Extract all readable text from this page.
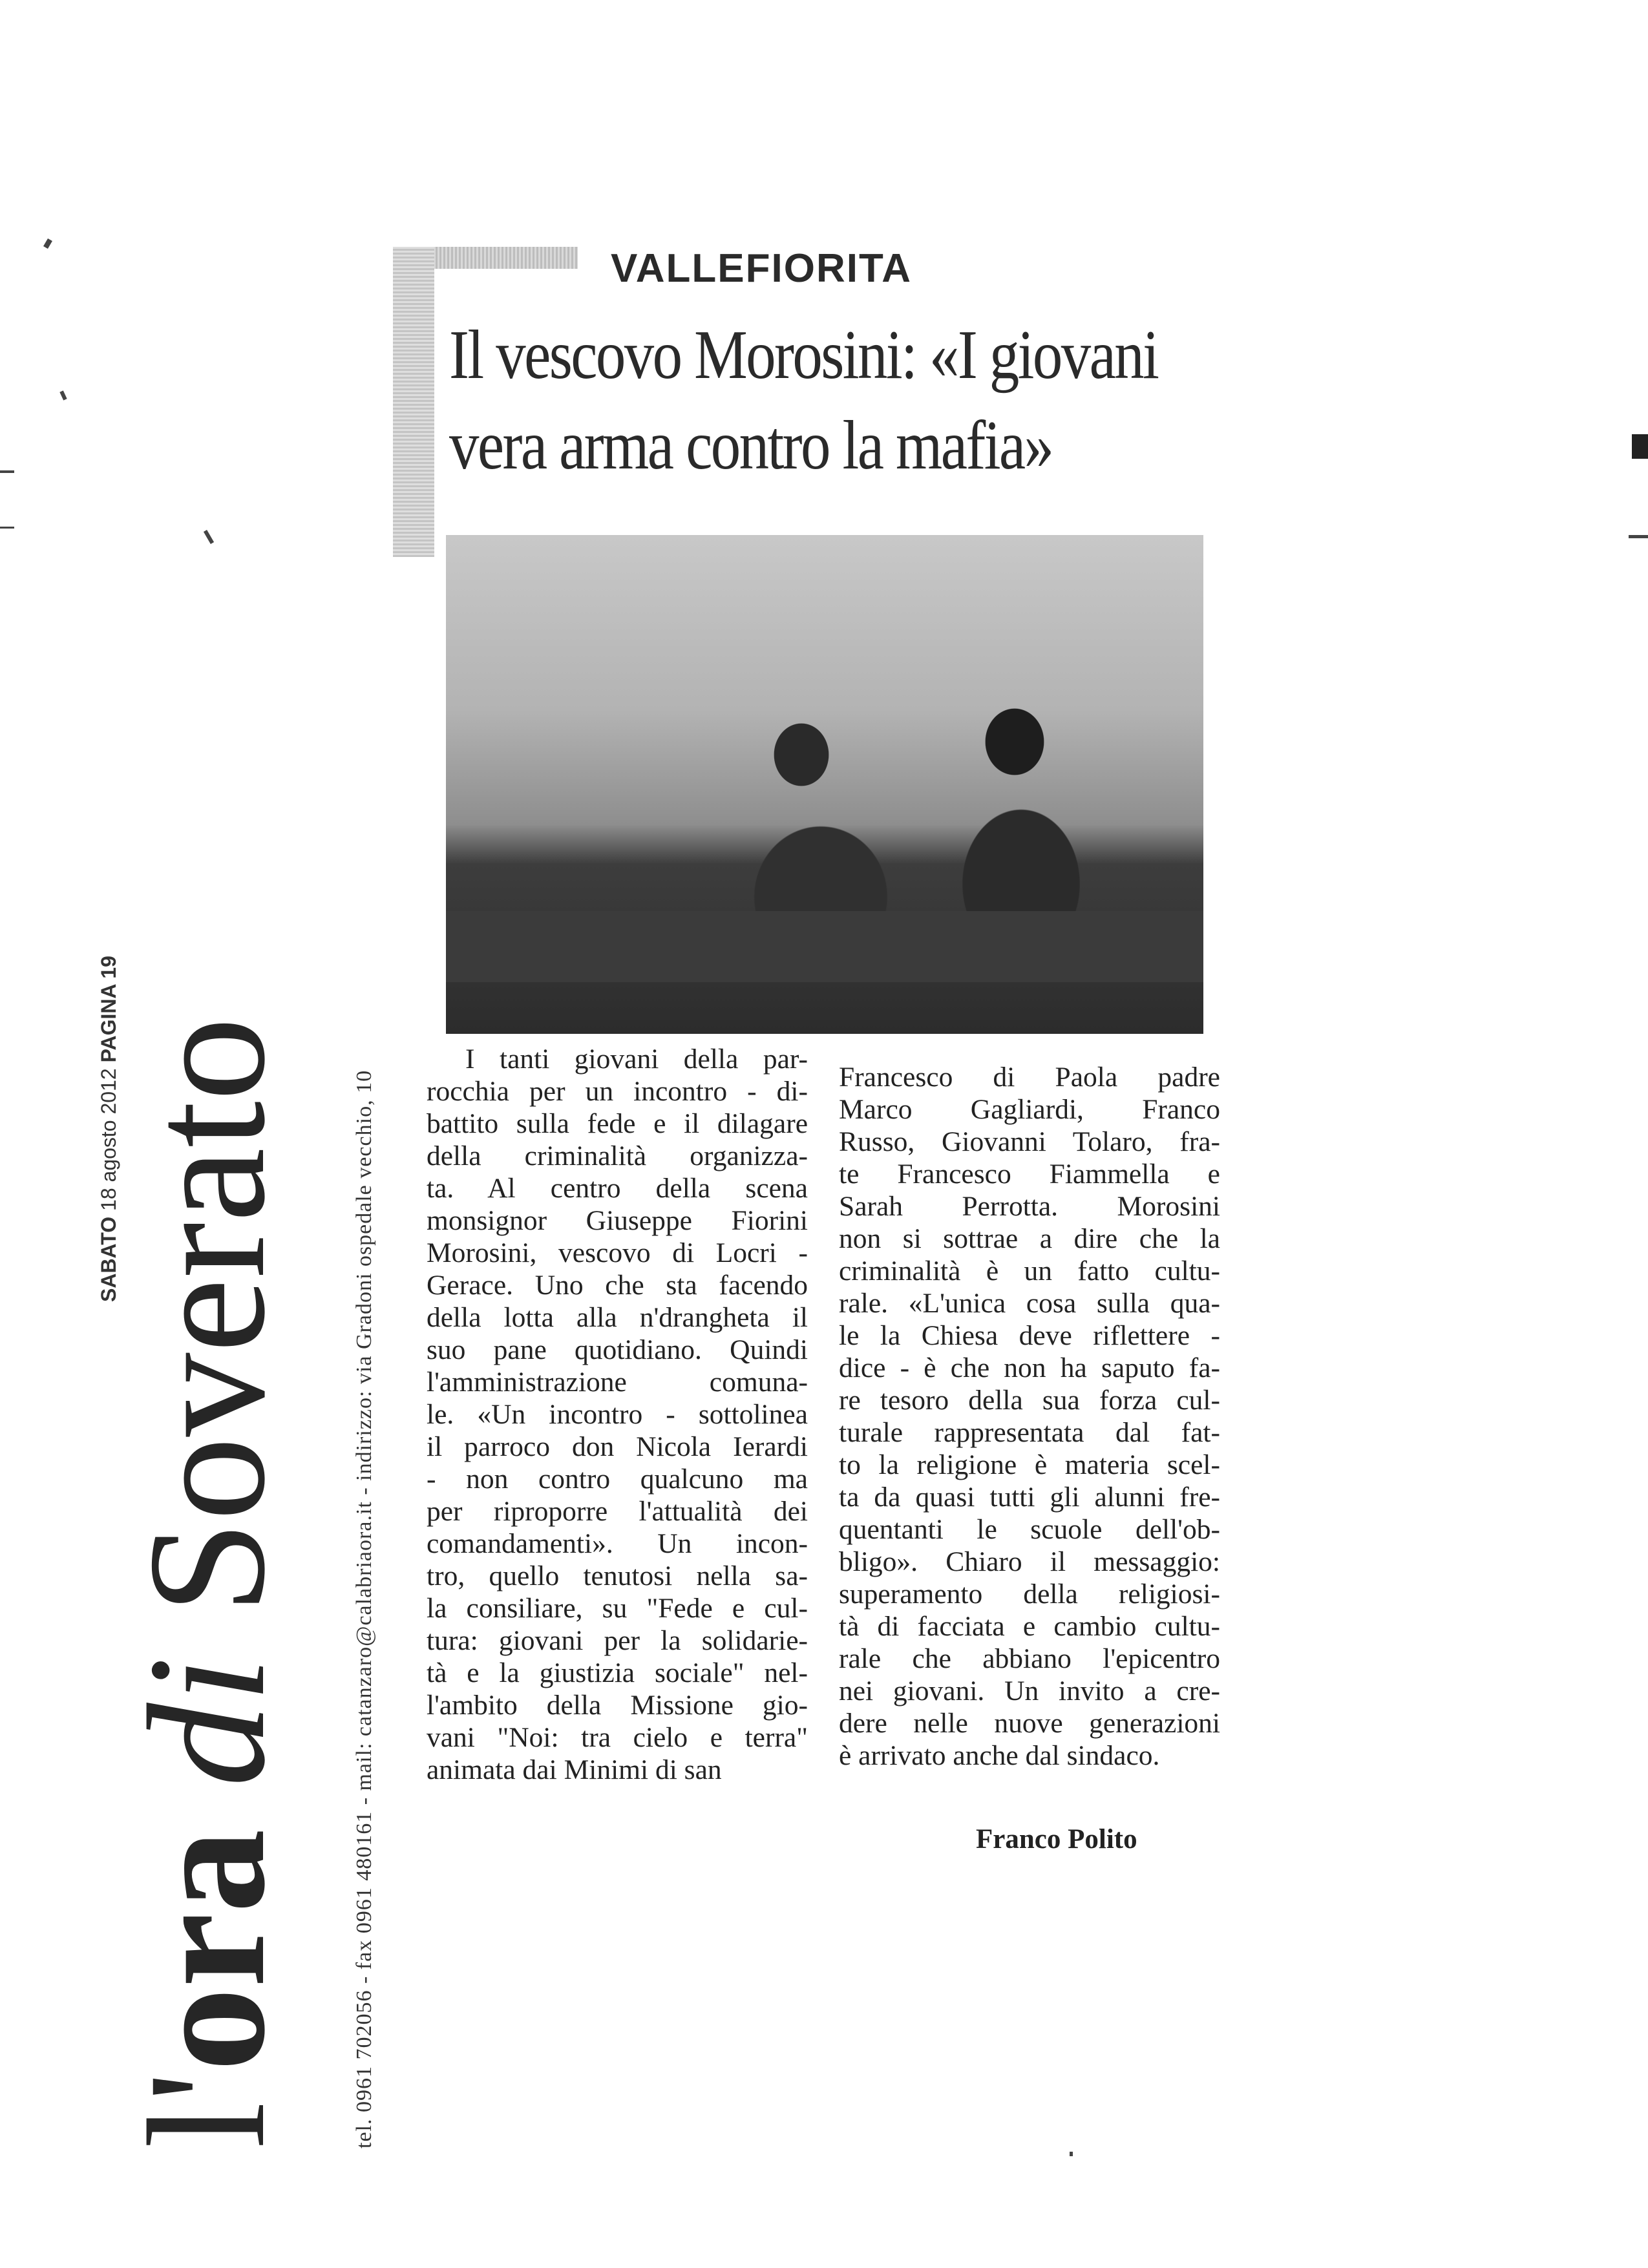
SABATO 18 agosto 2012 PAGINA 19
l'ora di Soverato tel. 0961 702056 - fax 0961 480161 - mail: catanzaro@calabriaora.it - indirizzo: via Gradoni ospedale vecchio, 10
VALLEFIORITA
Il vescovo Morosini: «I giovani
vera arma contro la mafia»
I tanti giovani della par-
rocchia per un incontro - di-
battito sulla fede e il dilagare
della criminalità organizza-
ta. Al centro della scena
monsignor Giuseppe Fiorini
Morosini, vescovo di Locri -
Gerace. Uno che sta facendo
della lotta alla n'drangheta il
suo pane quotidiano. Quindi
l'amministrazione comuna-
le. «Un incontro - sottolinea
il parroco don Nicola Ierardi
- non contro qualcuno ma
per riproporre l'attualità dei
comandamenti». Un incon-
tro, quello tenutosi nella sa-
la consiliare, su "Fede e cul-
tura: giovani per la solidarie-
tà e la giustizia sociale" nel-
l'ambito della Missione gio-
vani "Noi: tra cielo e terra"
animata dai Minimi di san
Francesco di Paola padre
Marco Gagliardi, Franco
Russo, Giovanni Tolaro, fra-
te Francesco Fiammella e
Sarah Perrotta. Morosini
non si sottrae a dire che la
criminalità è un fatto cultu-
rale. «L'unica cosa sulla qua-
le la Chiesa deve riflettere -
dice - è che non ha saputo fa-
re tesoro della sua forza cul-
turale rappresentata dal fat-
to la religione è materia scel-
ta da quasi tutti gli alunni fre-
quentanti le scuole dell'ob-
bligo». Chiaro il messaggio:
superamento della religiosi-
tà di facciata e cambio cultu-
rale che abbiano l'epicentro
nei giovani. Un invito a cre-
dere nelle nuove generazioni
è arrivato anche dal sindaco.
Franco Polito
